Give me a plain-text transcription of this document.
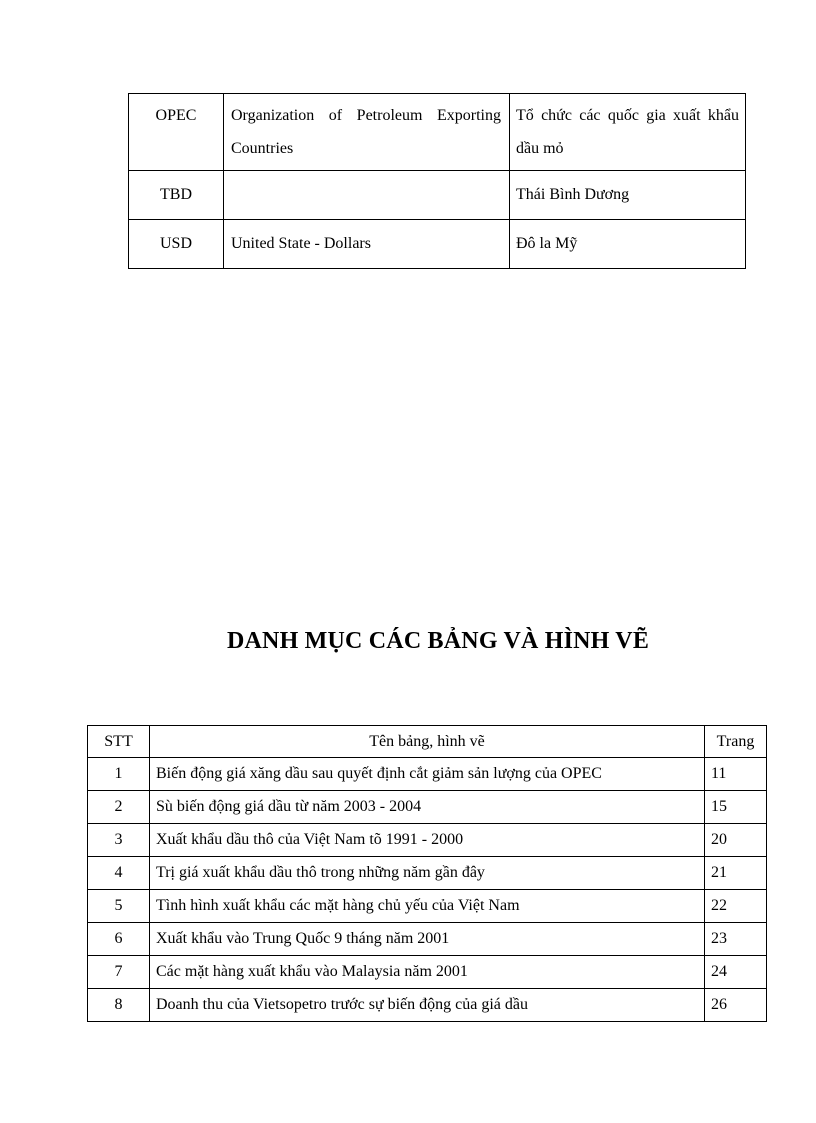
OPEC	Organization of Petroleum Exporting Countries	Tổ chức các quốc gia xuất khẩu dầu mỏ
TBD		Thái Bình Dương
USD	United State - Dollars	Đô la Mỹ
DANH MỤC CÁC BẢNG VÀ HÌNH VẼ
STT	Tên bảng, hình vẽ	Trang
1	Biến động giá xăng dầu sau quyết định cắt giảm sản lượng của OPEC	11
2	Sù biến động giá dầu từ năm 2003 - 2004	15
3	Xuất khẩu dầu thô của Việt Nam tõ 1991 - 2000	20
4	Trị giá xuất khẩu dầu thô trong những năm gần đây	21
5	Tình hình xuất khẩu các mặt hàng chủ yếu của Việt Nam	22
6	Xuất khẩu vào Trung Quốc 9 tháng năm 2001	23
7	Các mặt hàng xuất khẩu vào Malaysia năm 2001	24
8	Doanh thu của Vietsopetro trước sự biến động của giá dầu	26
